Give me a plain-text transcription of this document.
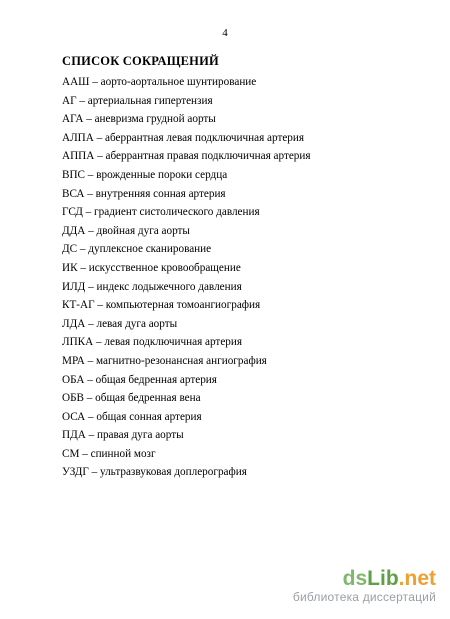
4
СПИСОК СОКРАЩЕНИЙ
ААШ – аорто-аортальное шунтирование
АГ – артериальная гипертензия
АГА – аневризма грудной аорты
АЛПА – аберрантная левая подключичная артерия
АППА – аберрантная правая подключичная артерия
ВПС – врожденные пороки сердца
ВСА – внутренняя сонная артерия
ГСД – градиент систолического давления
ДДА – двойная дуга аорты
ДС – дуплексное сканирование
ИК – искусственное кровообращение
ИЛД – индекс лодыжечного давления
КТ-АГ – компьютерная томоангиография
ЛДА – левая дуга аорты
ЛПКА – левая подключичная артерия
МРА – магнитно-резонансная ангиография
ОБА – общая бедренная артерия
ОБВ – общая бедренная вена
ОСА – общая сонная артерия
ПДА – правая дуга аорты
СМ – спинной мозг
УЗДГ – ультразвуковая доплерография
dsLib.net
библиотека диссертаций
